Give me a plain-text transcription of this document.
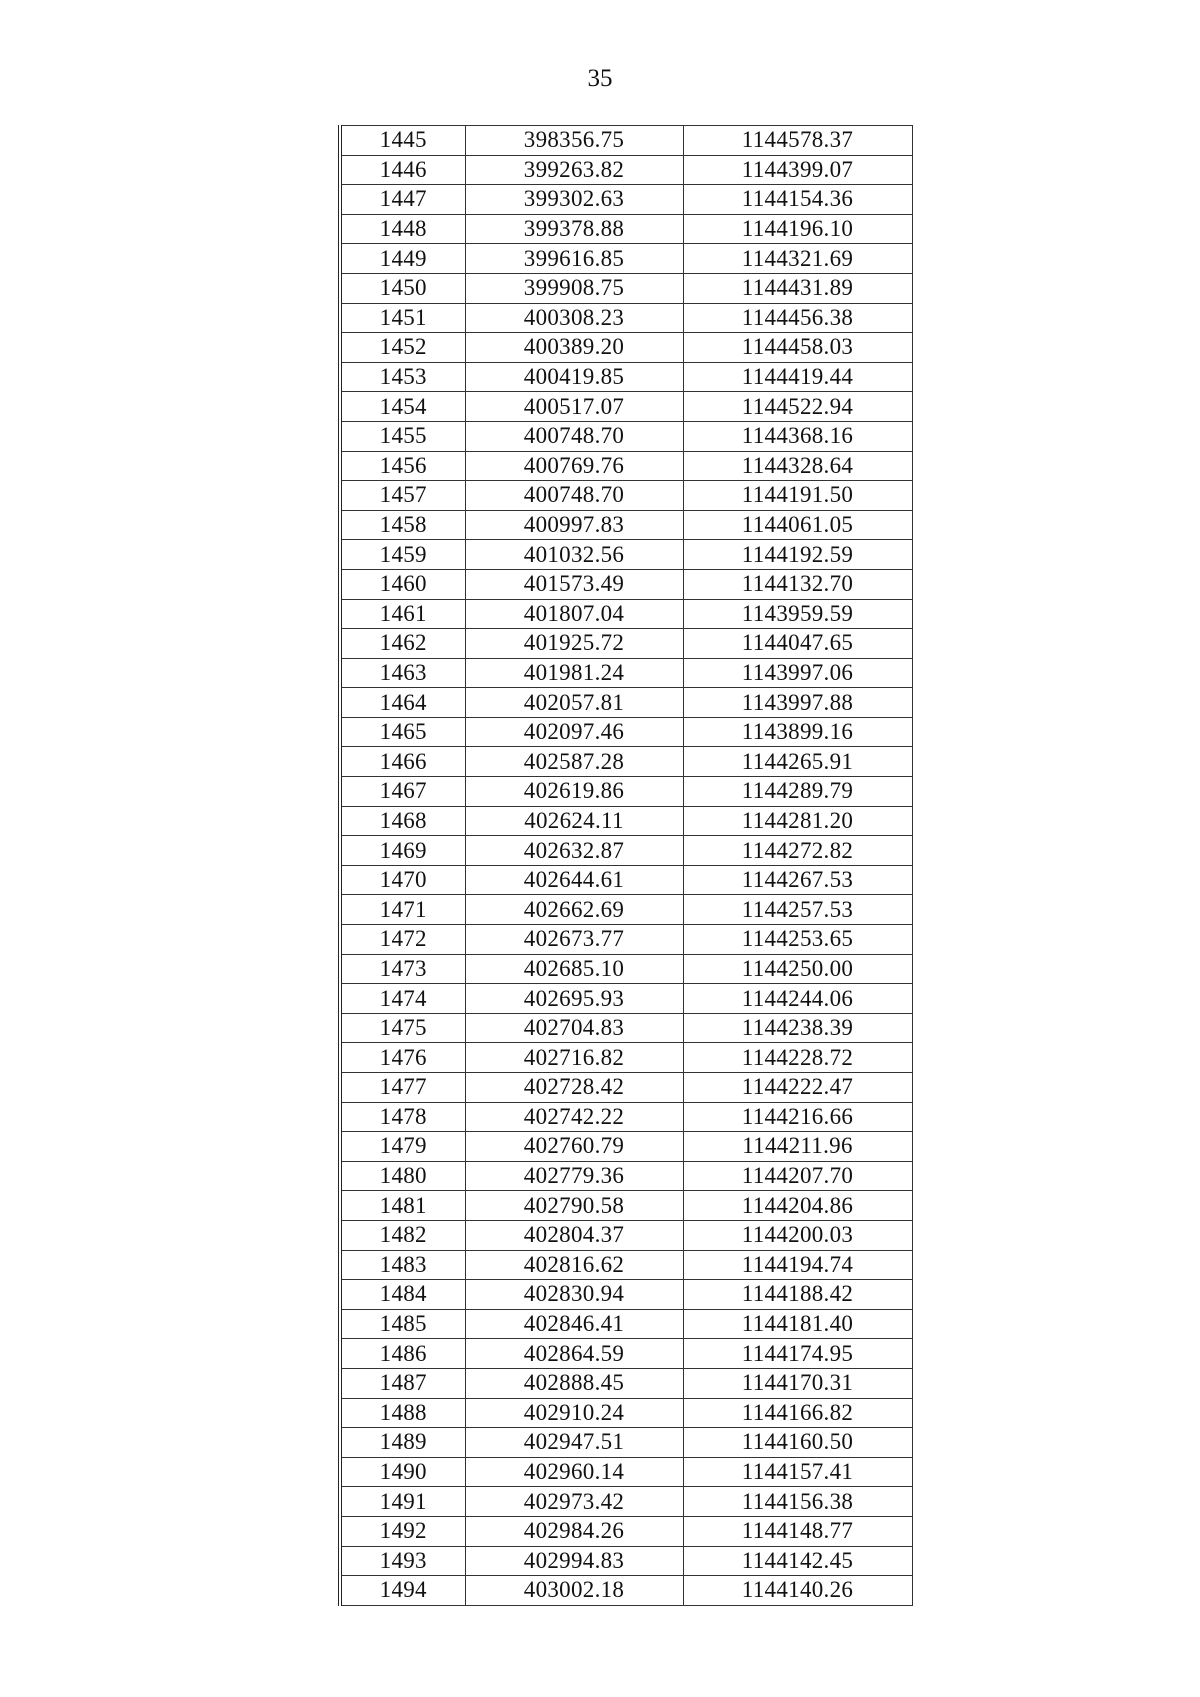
35
1445	398356.75	1144578.37
1446	399263.82	1144399.07
1447	399302.63	1144154.36
1448	399378.88	1144196.10
1449	399616.85	1144321.69
1450	399908.75	1144431.89
1451	400308.23	1144456.38
1452	400389.20	1144458.03
1453	400419.85	1144419.44
1454	400517.07	1144522.94
1455	400748.70	1144368.16
1456	400769.76	1144328.64
1457	400748.70	1144191.50
1458	400997.83	1144061.05
1459	401032.56	1144192.59
1460	401573.49	1144132.70
1461	401807.04	1143959.59
1462	401925.72	1144047.65
1463	401981.24	1143997.06
1464	402057.81	1143997.88
1465	402097.46	1143899.16
1466	402587.28	1144265.91
1467	402619.86	1144289.79
1468	402624.11	1144281.20
1469	402632.87	1144272.82
1470	402644.61	1144267.53
1471	402662.69	1144257.53
1472	402673.77	1144253.65
1473	402685.10	1144250.00
1474	402695.93	1144244.06
1475	402704.83	1144238.39
1476	402716.82	1144228.72
1477	402728.42	1144222.47
1478	402742.22	1144216.66
1479	402760.79	1144211.96
1480	402779.36	1144207.70
1481	402790.58	1144204.86
1482	402804.37	1144200.03
1483	402816.62	1144194.74
1484	402830.94	1144188.42
1485	402846.41	1144181.40
1486	402864.59	1144174.95
1487	402888.45	1144170.31
1488	402910.24	1144166.82
1489	402947.51	1144160.50
1490	402960.14	1144157.41
1491	402973.42	1144156.38
1492	402984.26	1144148.77
1493	402994.83	1144142.45
1494	403002.18	1144140.26
